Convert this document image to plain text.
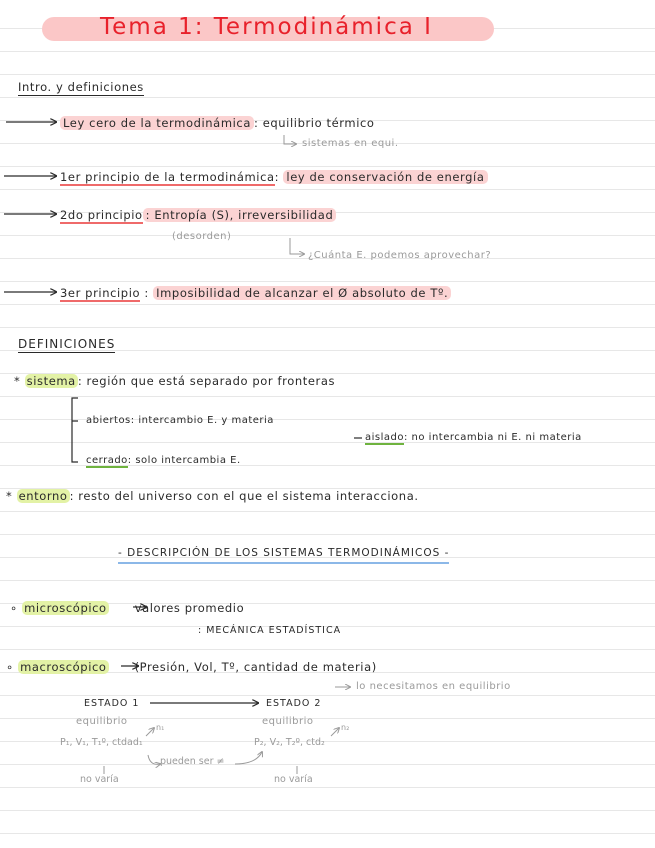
Tema 1: Termodinámica I
Intro. y definiciones
Ley cero de la termodinámica : equilibrio térmico
sistemas en equi.
1er principio de la termodinámica: ley de conservación de energía
2do principio : Entropía (S), irreversibilidad
(desorden)
¿Cuánta E. podemos aprovechar?
3er principio : Imposibilidad de alcanzar el Ø absoluto de Tº.
DEFINICIONES
* sistema : región que está separado por fronteras
abiertos: intercambio E. y materia
aislado: no intercambia ni E. ni materia
cerrado: solo intercambia E.
* entorno : resto del universo con el que el sistema interacciona.
- DESCRIPCIÓN DE LOS SISTEMAS TERMODINÁMICOS -
∘ microscópico valores promedio
: MECÁNICA ESTADÍSTICA
∘ macroscópico (Presión, Vol, Tº, cantidad de materia)
lo necesitamos en equilibrio
ESTADO 1	ESTADO 2
equilibrio	equilibrio
n₁	n₂
P₁, V₁, T₁º, ctdad₁	P₂, V₂, T₂º, ctd₂
pueden ser ≠
no varía	no varía
